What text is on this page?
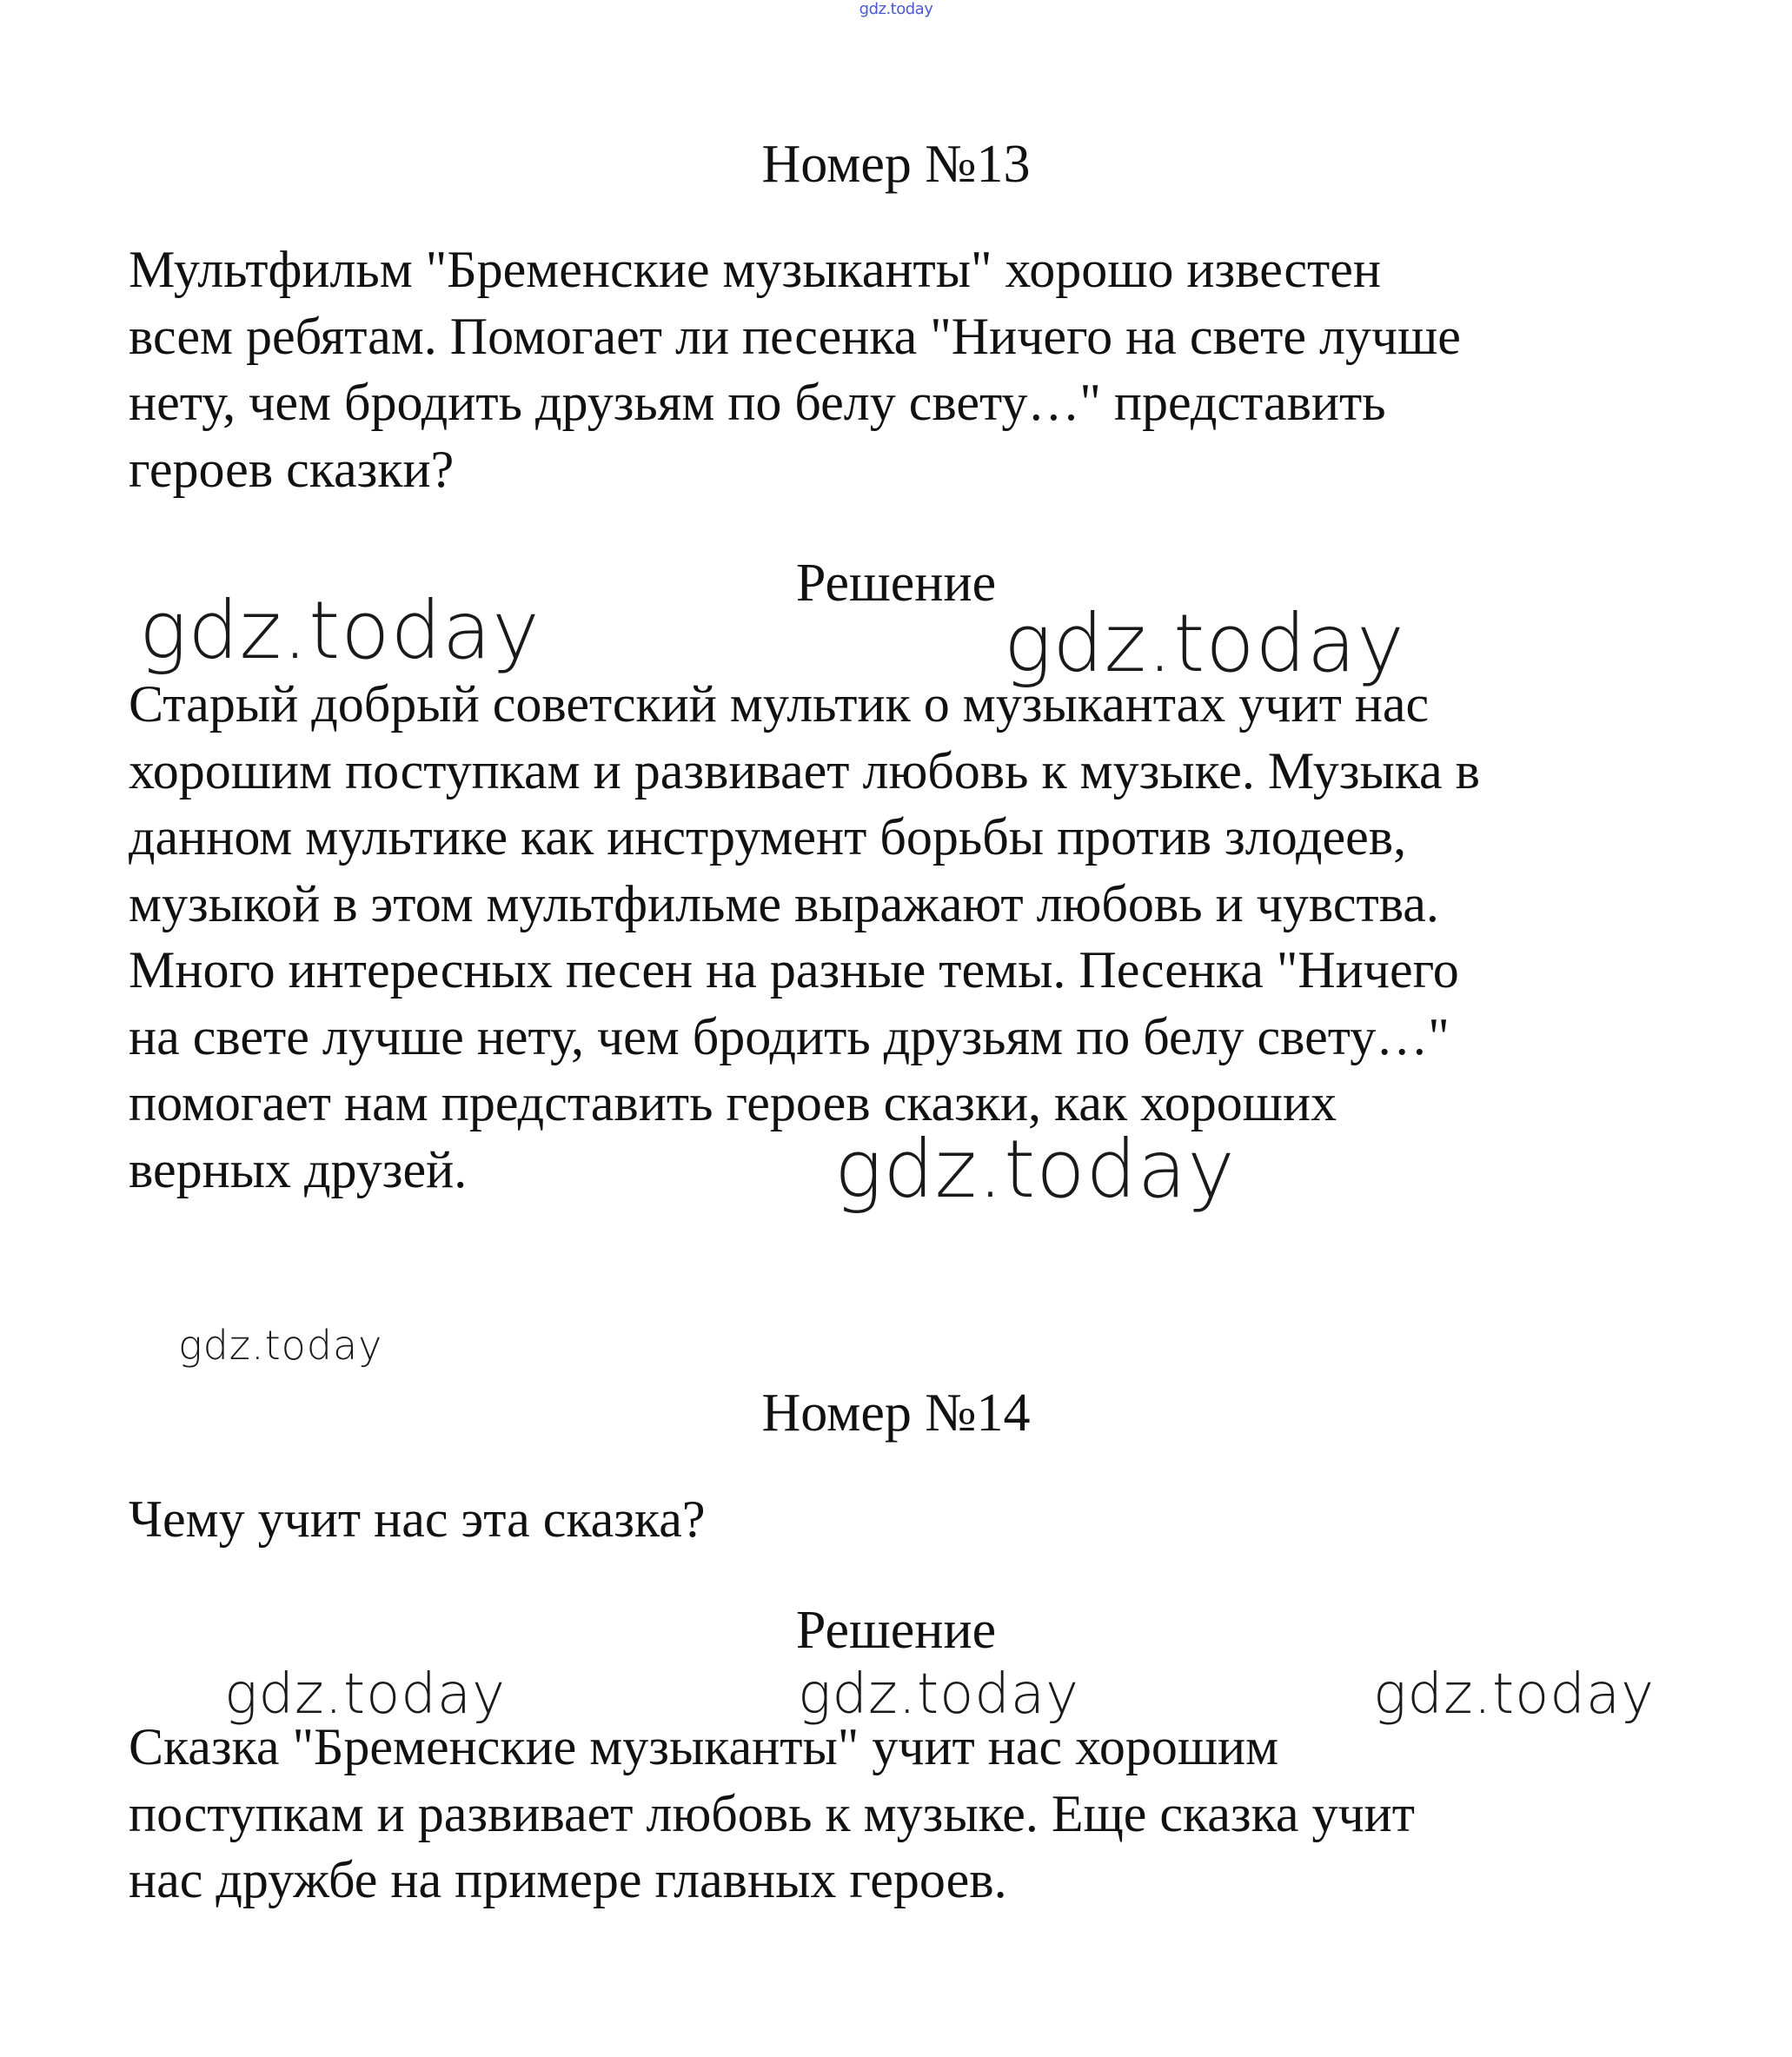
gdz.today
Номер №13
Мультфильм "Бременские музыканты" хорошо известен
всем ребятам. Помогает ли песенка "Ничего на свете лучше
нету, чем бродить друзьям по белу свету…" представить
героев сказки?
Решение
gdz.today	gdz.today
Старый добрый советский мультик о музыкантах учит нас
хорошим поступкам и развивает любовь к музыке. Музыка в
данном мультике как инструмент борьбы против злодеев,
музыкой в этом мультфильме выражают любовь и чувства.
Много интересных песен на разные темы. Песенка "Ничего
на свете лучше нету, чем бродить друзьям по белу свету…"
помогает нам представить героев сказки, как хороших
верных друзей.	gdz.today
gdz.today
Номер №14
Чему учит нас эта сказка?
Решение
gdz.today	gdz.today	gdz.today
Сказка "Бременские музыканты" учит нас хорошим
поступкам и развивает любовь к музыке. Еще сказка учит
нас дружбе на примере главных героев.
